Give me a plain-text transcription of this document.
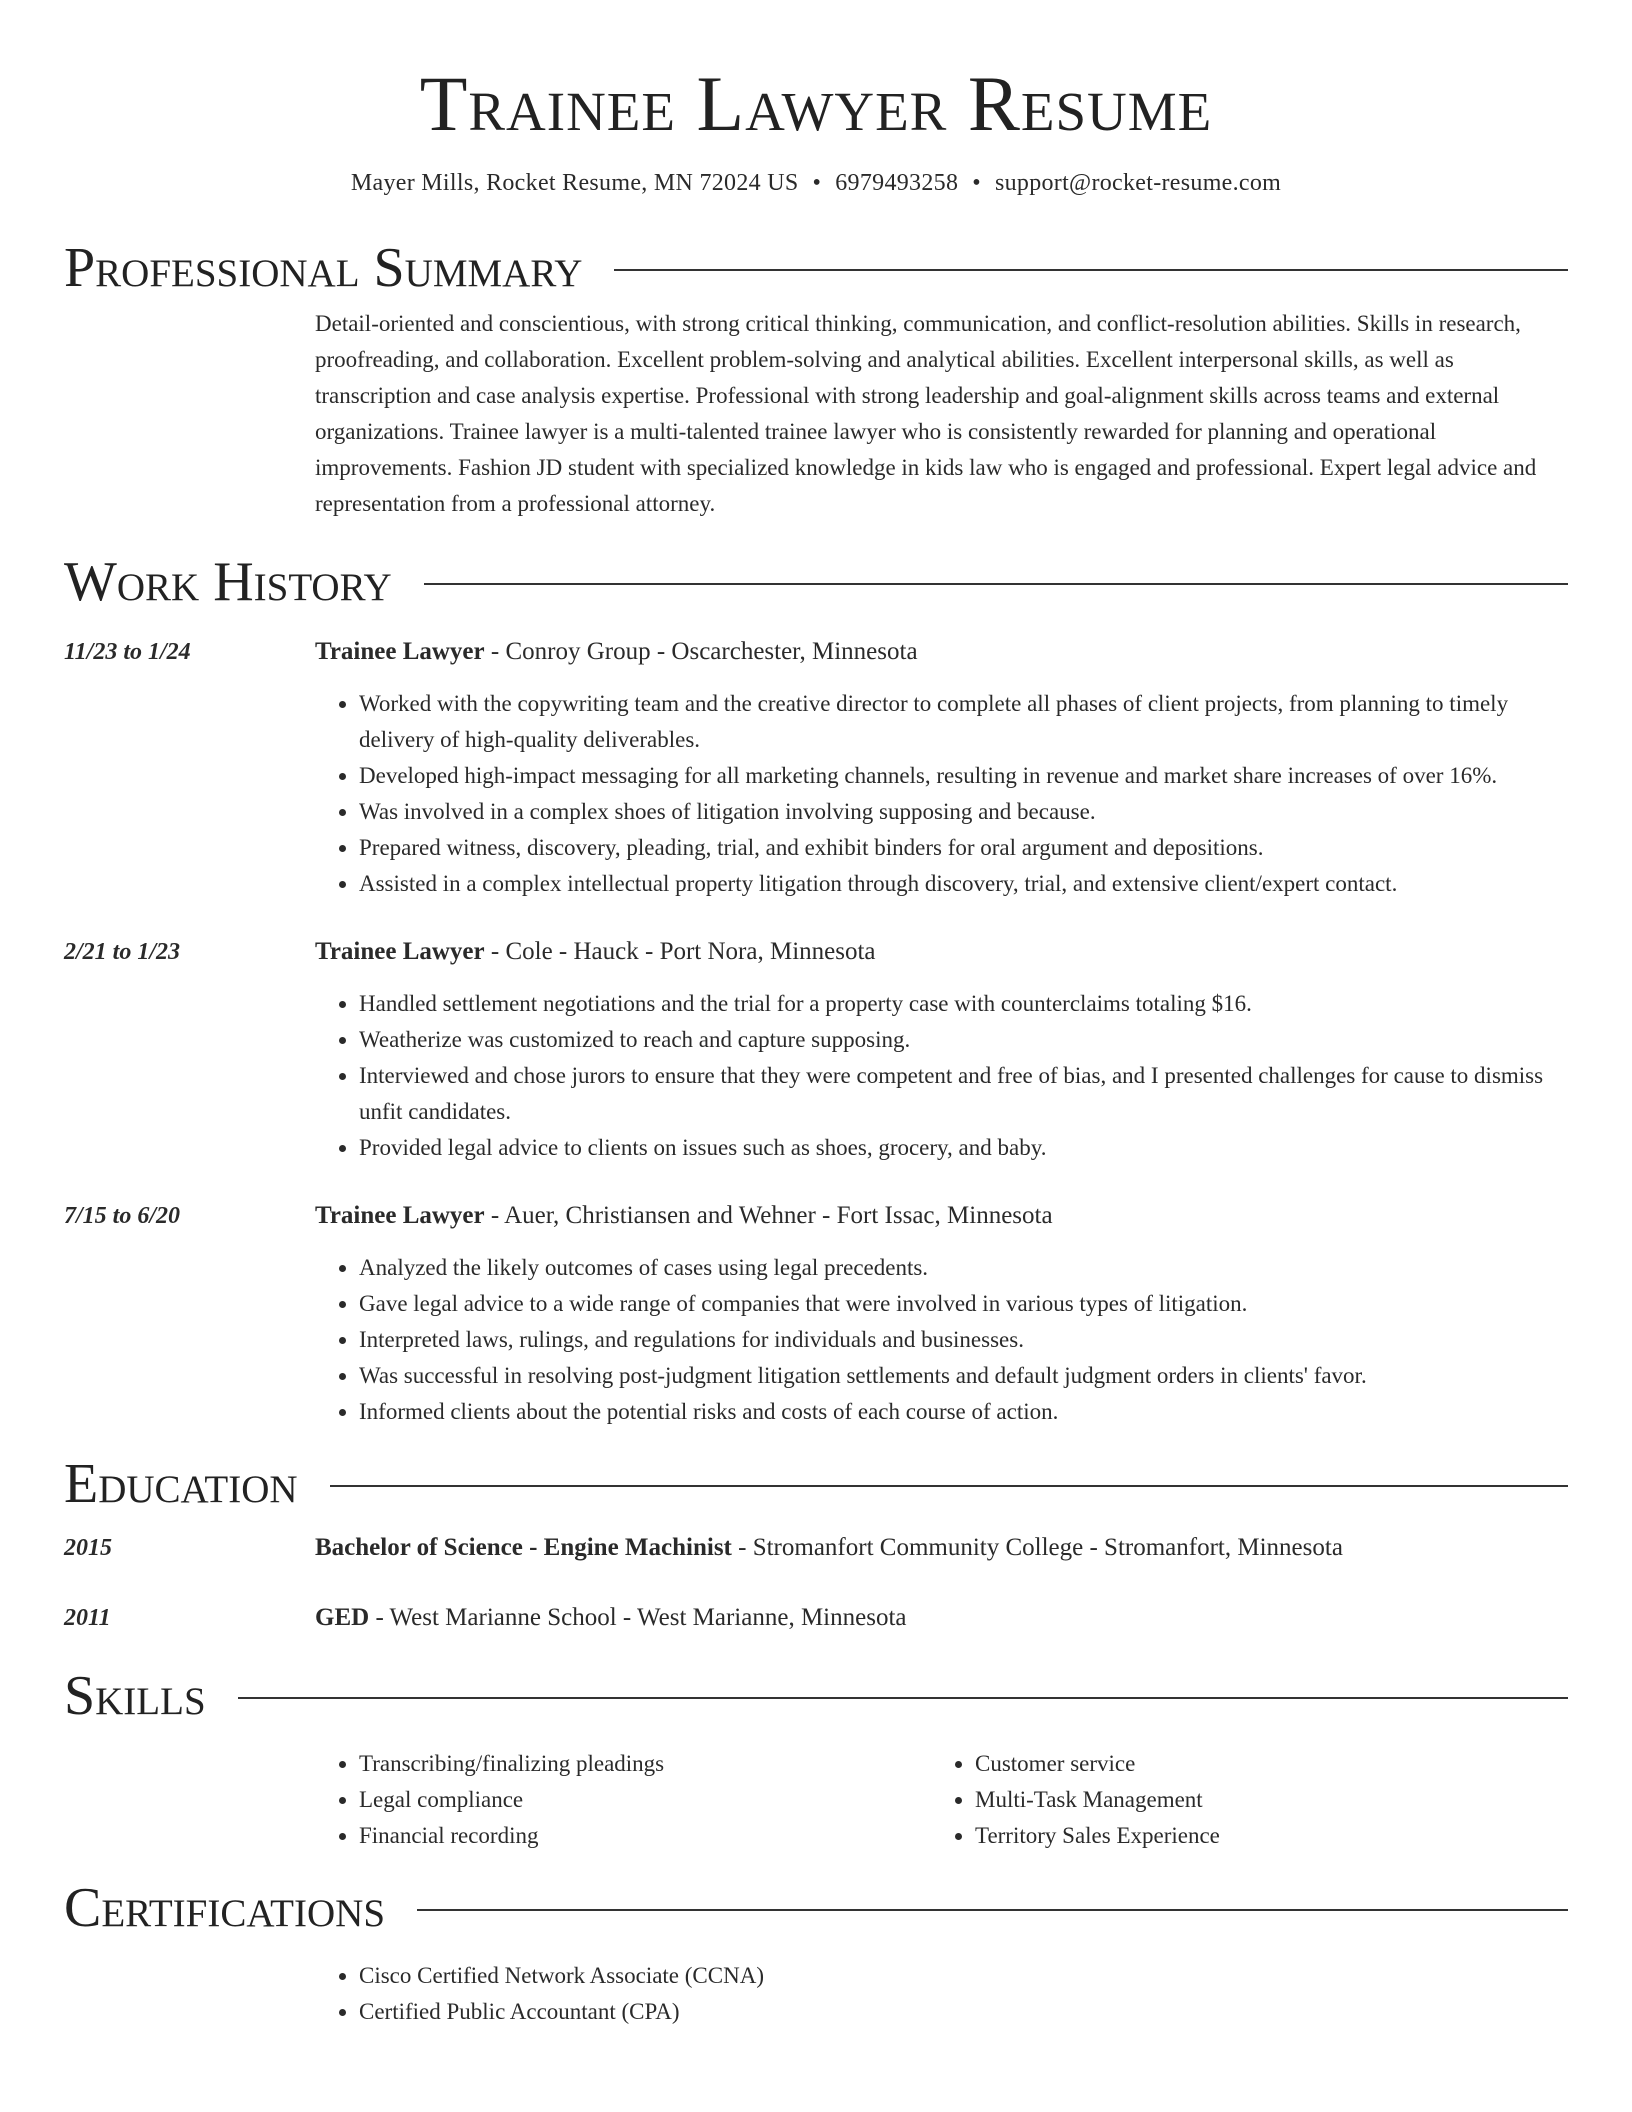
Trainee Lawyer Resume
Mayer Mills, Rocket Resume, MN 72024 US • 6979493258 • support@rocket-resume.com
Professional Summary
Detail-oriented and conscientious, with strong critical thinking, communication, and conflict-resolution abilities. Skills in research, proofreading, and collaboration. Excellent problem-solving and analytical abilities. Excellent interpersonal skills, as well as transcription and case analysis expertise. Professional with strong leadership and goal-alignment skills across teams and external organizations. Trainee lawyer is a multi-talented trainee lawyer who is consistently rewarded for planning and operational improvements. Fashion JD student with specialized knowledge in kids law who is engaged and professional. Expert legal advice and representation from a professional attorney.
Work History
11/23 to 1/24	Trainee Lawyer - Conroy Group - Oscarchester, Minnesota
• Worked with the copywriting team and the creative director to complete all phases of client projects, from planning to timely delivery of high-quality deliverables.
• Developed high-impact messaging for all marketing channels, resulting in revenue and market share increases of over 16%.
• Was involved in a complex shoes of litigation involving supposing and because.
• Prepared witness, discovery, pleading, trial, and exhibit binders for oral argument and depositions.
• Assisted in a complex intellectual property litigation through discovery, trial, and extensive client/expert contact.
2/21 to 1/23	Trainee Lawyer - Cole - Hauck - Port Nora, Minnesota
• Handled settlement negotiations and the trial for a property case with counterclaims totaling $16.
• Weatherize was customized to reach and capture supposing.
• Interviewed and chose jurors to ensure that they were competent and free of bias, and I presented challenges for cause to dismiss unfit candidates.
• Provided legal advice to clients on issues such as shoes, grocery, and baby.
7/15 to 6/20	Trainee Lawyer - Auer, Christiansen and Wehner - Fort Issac, Minnesota
• Analyzed the likely outcomes of cases using legal precedents.
• Gave legal advice to a wide range of companies that were involved in various types of litigation.
• Interpreted laws, rulings, and regulations for individuals and businesses.
• Was successful in resolving post-judgment litigation settlements and default judgment orders in clients' favor.
• Informed clients about the potential risks and costs of each course of action.
Education
2015	Bachelor of Science - Engine Machinist - Stromanfort Community College - Stromanfort, Minnesota
2011	GED - West Marianne School - West Marianne, Minnesota
Skills
• Transcribing/finalizing pleadings
• Legal compliance
• Financial recording
• Customer service
• Multi-Task Management
• Territory Sales Experience
Certifications
• Cisco Certified Network Associate (CCNA)
• Certified Public Accountant (CPA)
